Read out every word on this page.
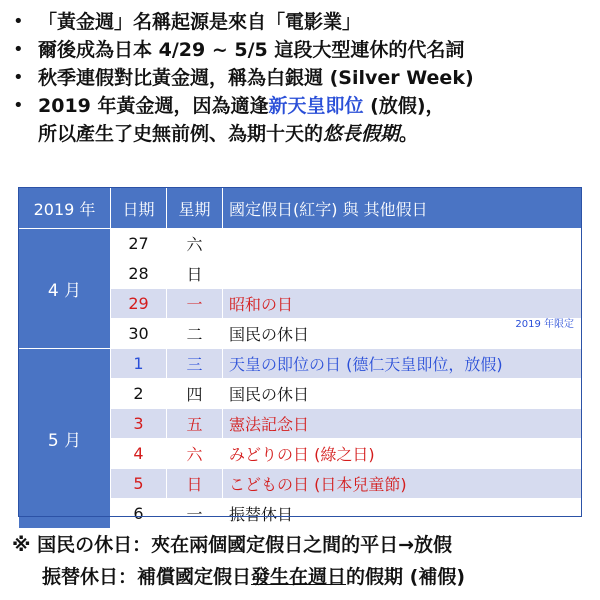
• 「黃金週」名稱起源是來自「電影業」
• 爾後成為日本 4/29 ~ 5/5 這段大型連休的代名詞
• 秋季連假對比黃金週，稱為白銀週 (Silver Week)
• 2019 年黃金週，因為適逢新天皇即位 (放假)，
所以產生了史無前例、為期十天的悠長假期。
2019 年	日期	星期	國定假日(紅字) 與 其他假日
4 月	27	六	
	28	日	
	29	一	昭和の日
	30	二	国民の休日
2019 年限定

5 月	1	三	天皇の即位の日 (德仁天皇即位，放假)
	2	四	国民の休日
	3	五	憲法記念日
	4	六	みどりの日 (綠之日)
	5	日	こどもの日 (日本兒童節)
	6	一	振替休日
※ 国民の休日：夾在兩個國定假日之間的平日→放假
振替休日：補償國定假日發生在週日的假期 (補假)
